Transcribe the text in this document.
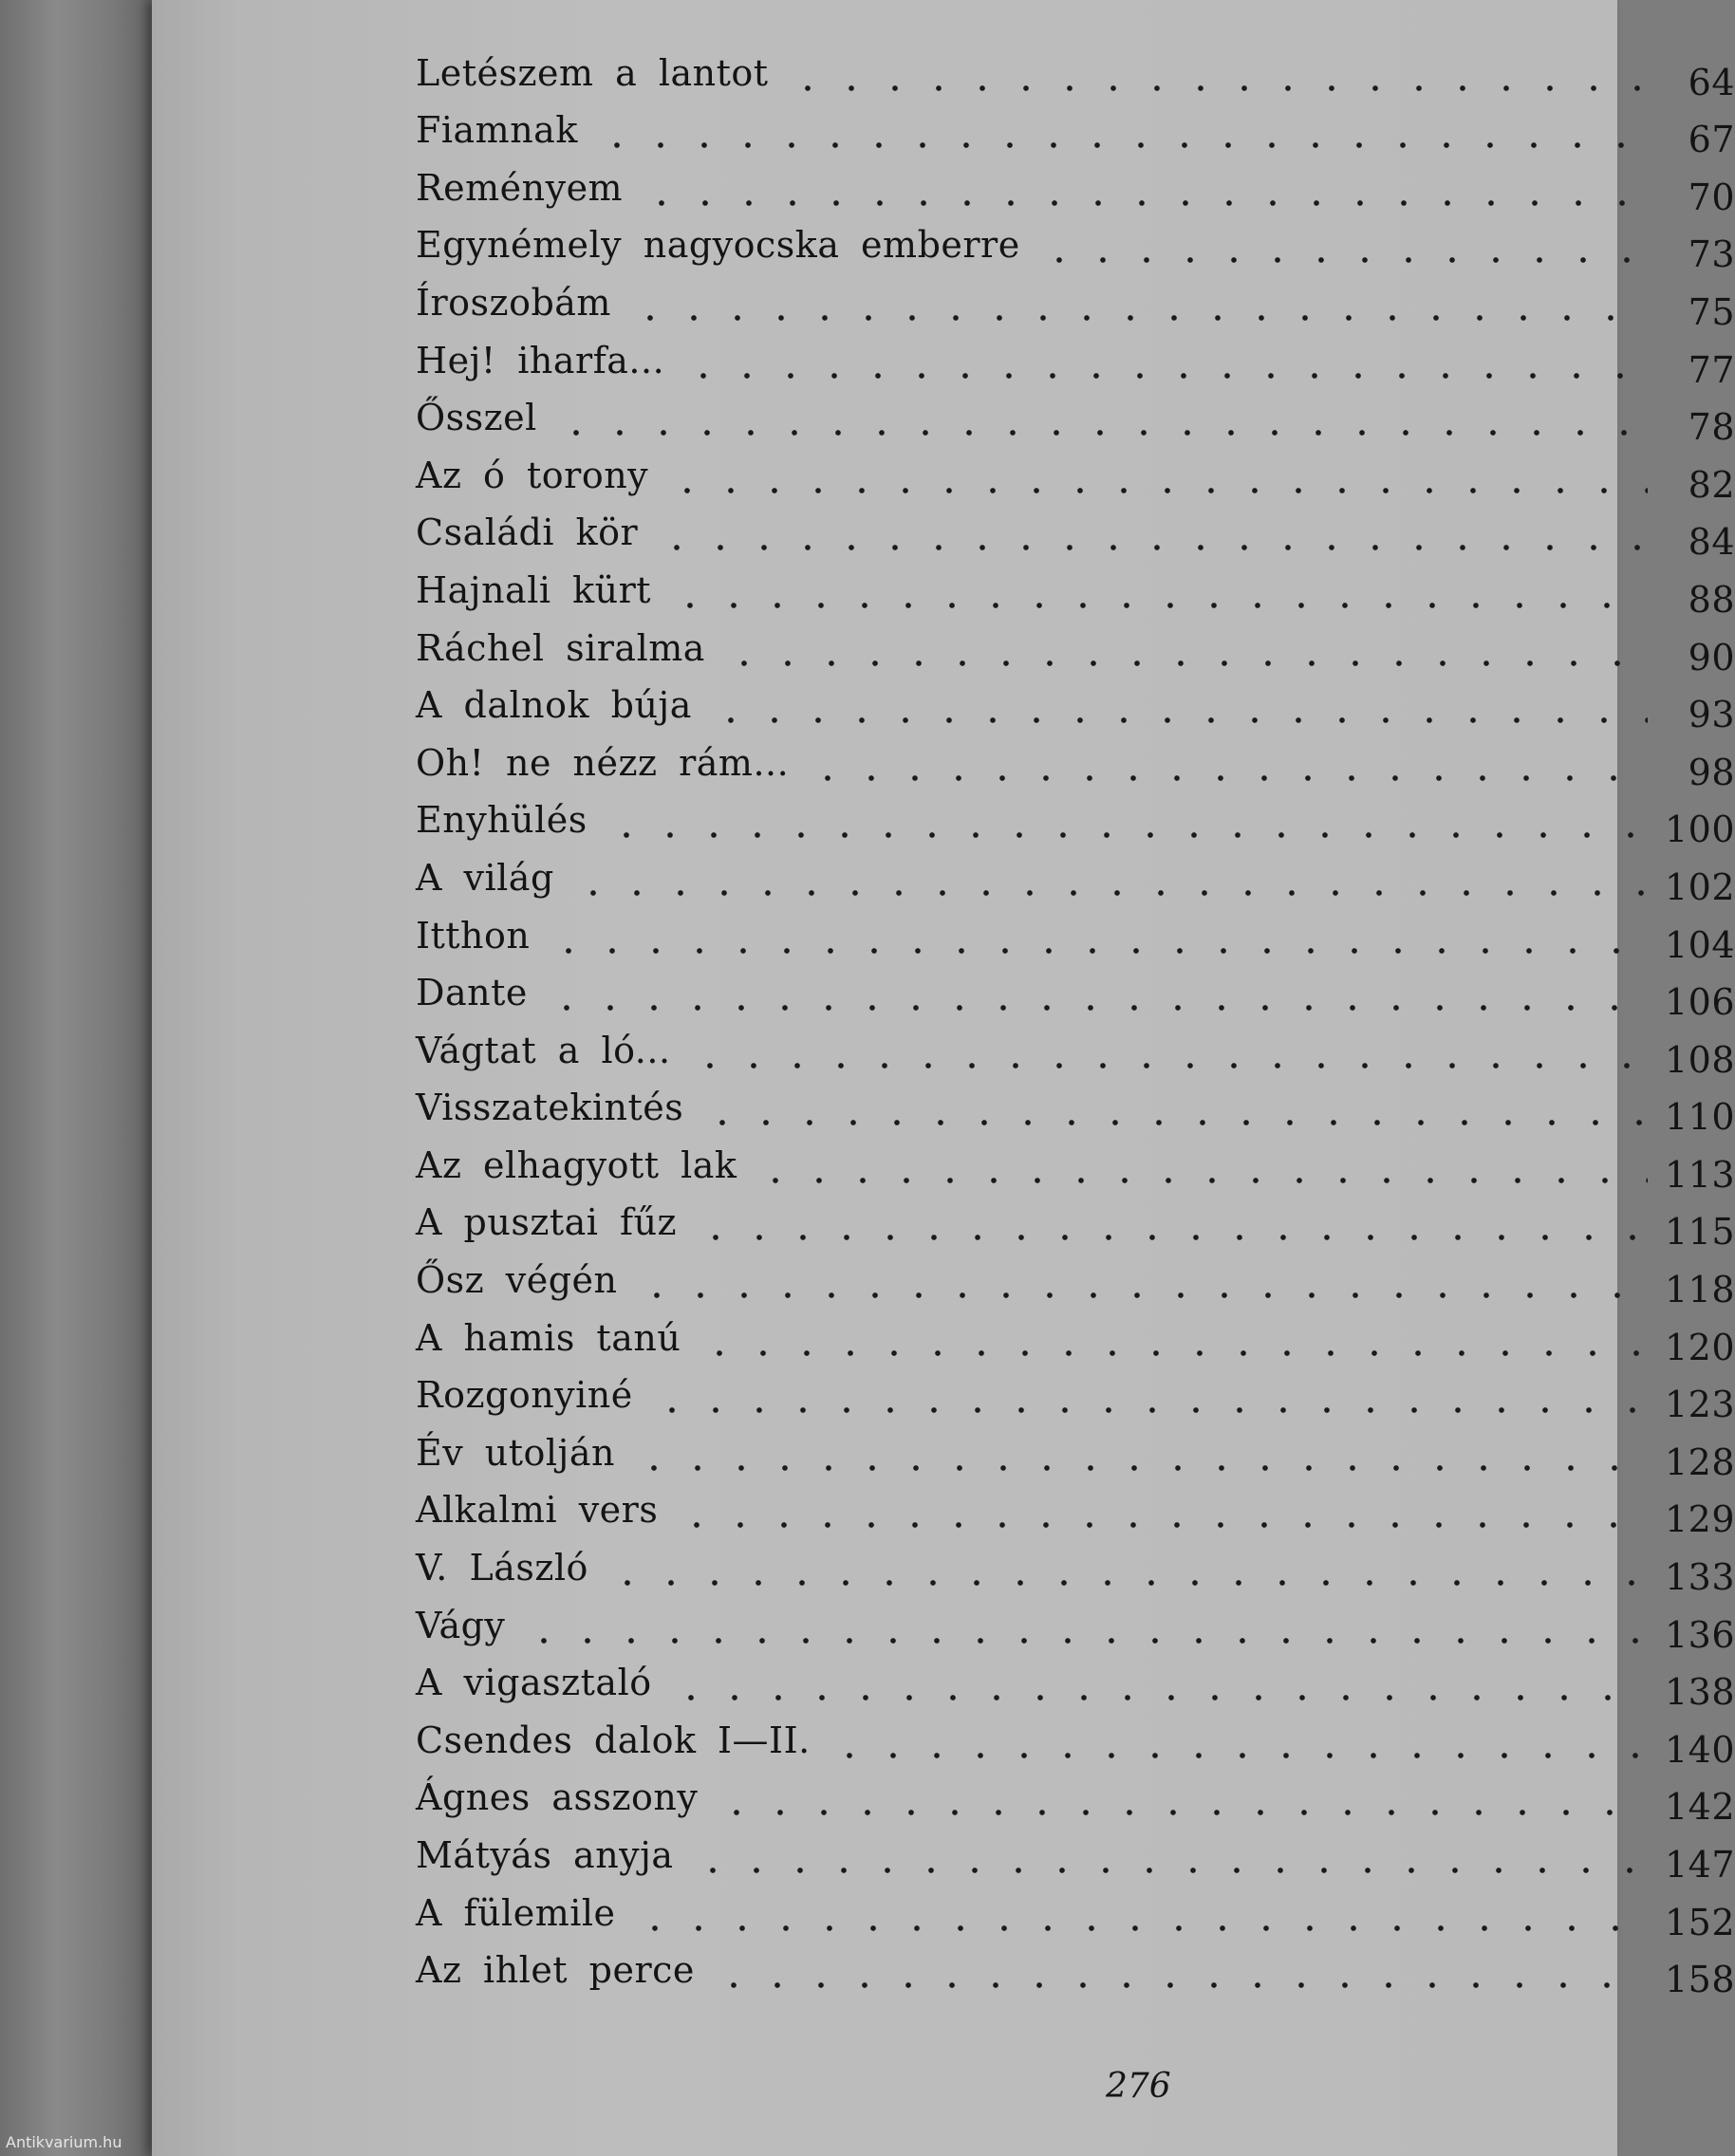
Letészem a lantot	64
Fiamnak	67
Reményem	70
Egynémely nagyocska emberre	73
Íroszobám	75
Hej! iharfa...	77
Ősszel	78
Az ó torony	82
Családi kör	84
Hajnali kürt	88
Ráchel siralma	90
A dalnok búja	93
Oh! ne nézz rám...	98
Enyhülés	100
A világ	102
Itthon	104
Dante	106
Vágtat a ló...	108
Visszatekintés	110
Az elhagyott lak	113
A pusztai fűz	115
Ősz végén	118
A hamis tanú	120
Rozgonyiné	123
Év utolján	128
Alkalmi vers	129
V. László	133
Vágy	136
A vigasztaló	138
Csendes dalok I—II.	140
Ágnes asszony	142
Mátyás anyja	147
A fülemile	152
Az ihlet perce	158
276
Antikvarium.hu
